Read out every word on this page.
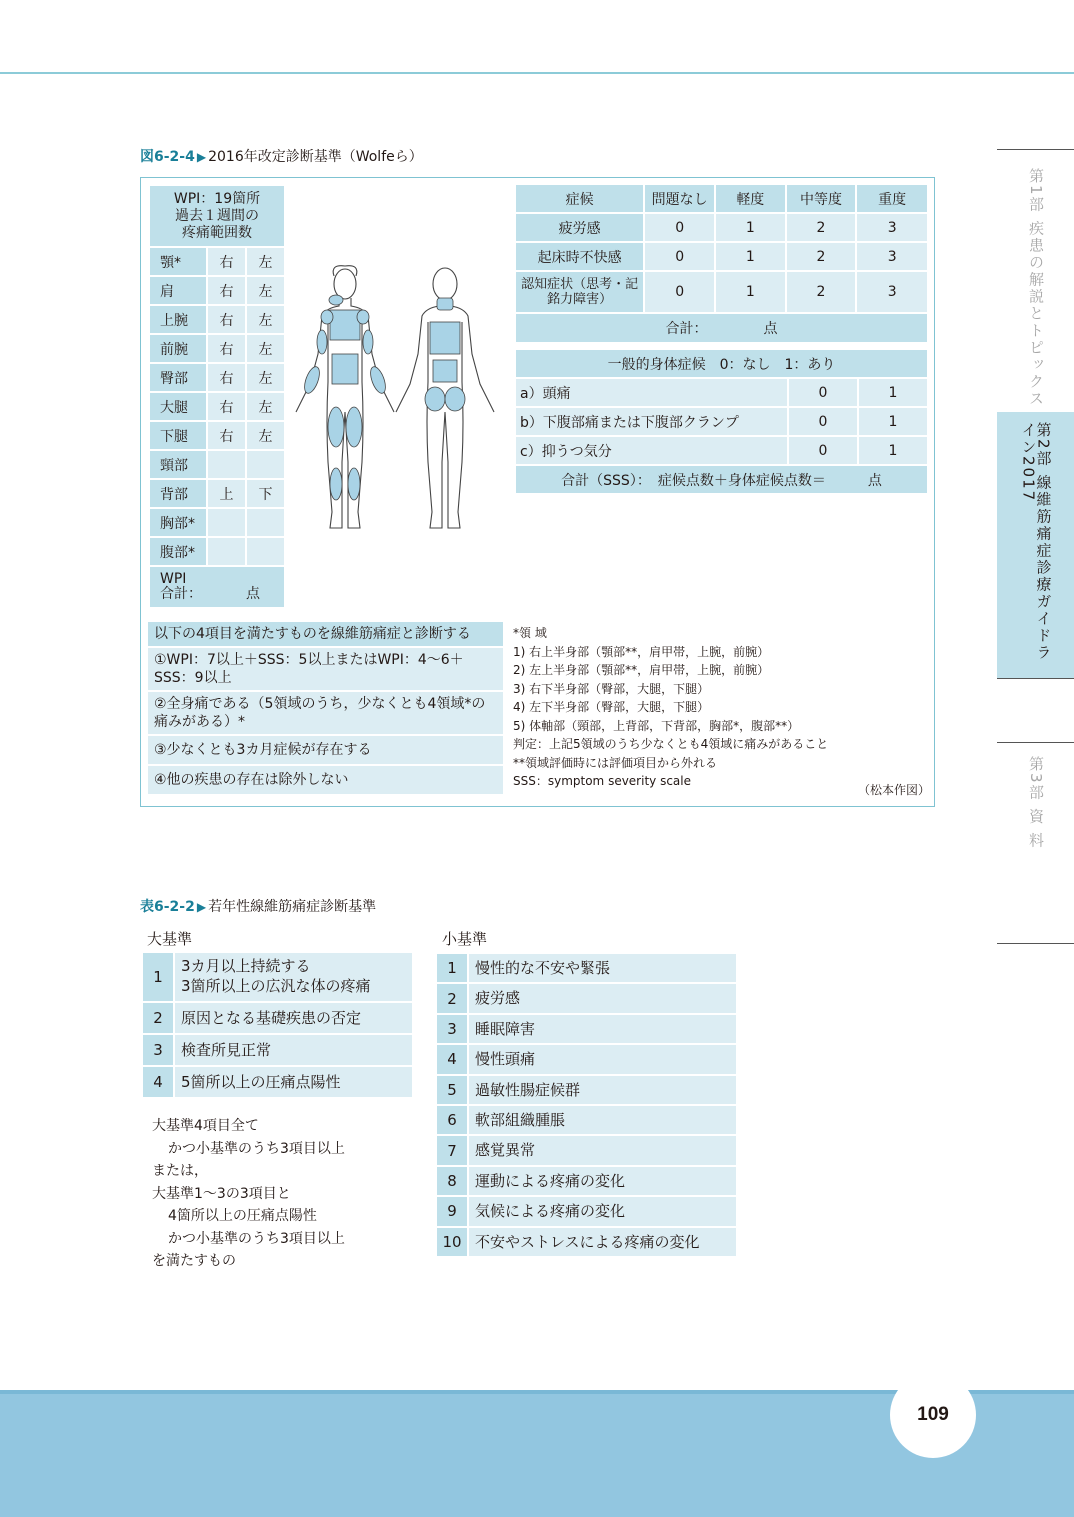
第1部 疾患の解説とトピックス
第2部 線維筋痛症診療ガイドライン2017
第3部 資 料
図6-2-4 ▶ 2016年改定診断基準（Wolfeら）
WPI：19箇所
過去１週間の
疼痛範囲数		

顎*	右	左
肩	右	左
上腕	右	左
前腕	右	左
臀部	右	左
大腿	右	左
下腿	右	左
頸部		
背部	上	下
胸部*		
腹部*		

WPI
合計： 点		
症候	問題なし	軽度	中等度	重度
疲労感	0	1	2	3
起床時不快感	0	1	2	3
認知症状（思考・記銘力障害）	0	1	2	3
合計： 点				
一般的身体症候　0：なし　1：あり		
a）頭痛	0	1
b）下腹部痛または下腹部クランプ	0	1
c）抑うつ気分	0	1
合計（SSS）：　症候点数＋身体症候点数＝　　　点		
以下の4項目を満たすものを線維筋痛症と診断する
①WPI：7以上＋SSS：5以上またはWPI：4～6＋SSS：9以上
②全身痛である（5領域のうち，少なくとも4領域*の痛みがある）*
③少なくとも3カ月症候が存在する
④他の疾患の存在は除外しない
*領 域
1) 右上半身部（顎部**，肩甲帯，上腕，前腕）
2) 左上半身部（顎部**，肩甲帯，上腕，前腕）
3) 右下半身部（臀部，大腿，下腿）
4) 左下半身部（臀部，大腿，下腿）
5) 体軸部（頸部，上背部，下背部，胸部*，腹部**）
判定：上記5領域のうち少なくとも4領域に痛みがあること
**領域評価時には評価項目から外れる
SSS：symptom severity scale
（松本作図）
表6-2-2 ▶ 若年性線維筋痛症診断基準
大基準	小基準
1
3カ月以上持続する
3箇所以上の広汎な体の疼痛
2	原因となる基礎疾患の否定
3	検査所見正常
4	5箇所以上の圧痛点陽性
1	慢性的な不安や緊張
2	疲労感
3	睡眠障害
4	慢性頭痛
5	過敏性腸症候群
6	軟部組織腫脹
7	感覚異常
8	運動による疼痛の変化
9	気候による疼痛の変化
10 不安やストレスによる疼痛の変化
大基準4項目全て
かつ小基準のうち3項目以上
または，
大基準1～3の3項目と
4箇所以上の圧痛点陽性
かつ小基準のうち3項目以上
を満たすもの
109
